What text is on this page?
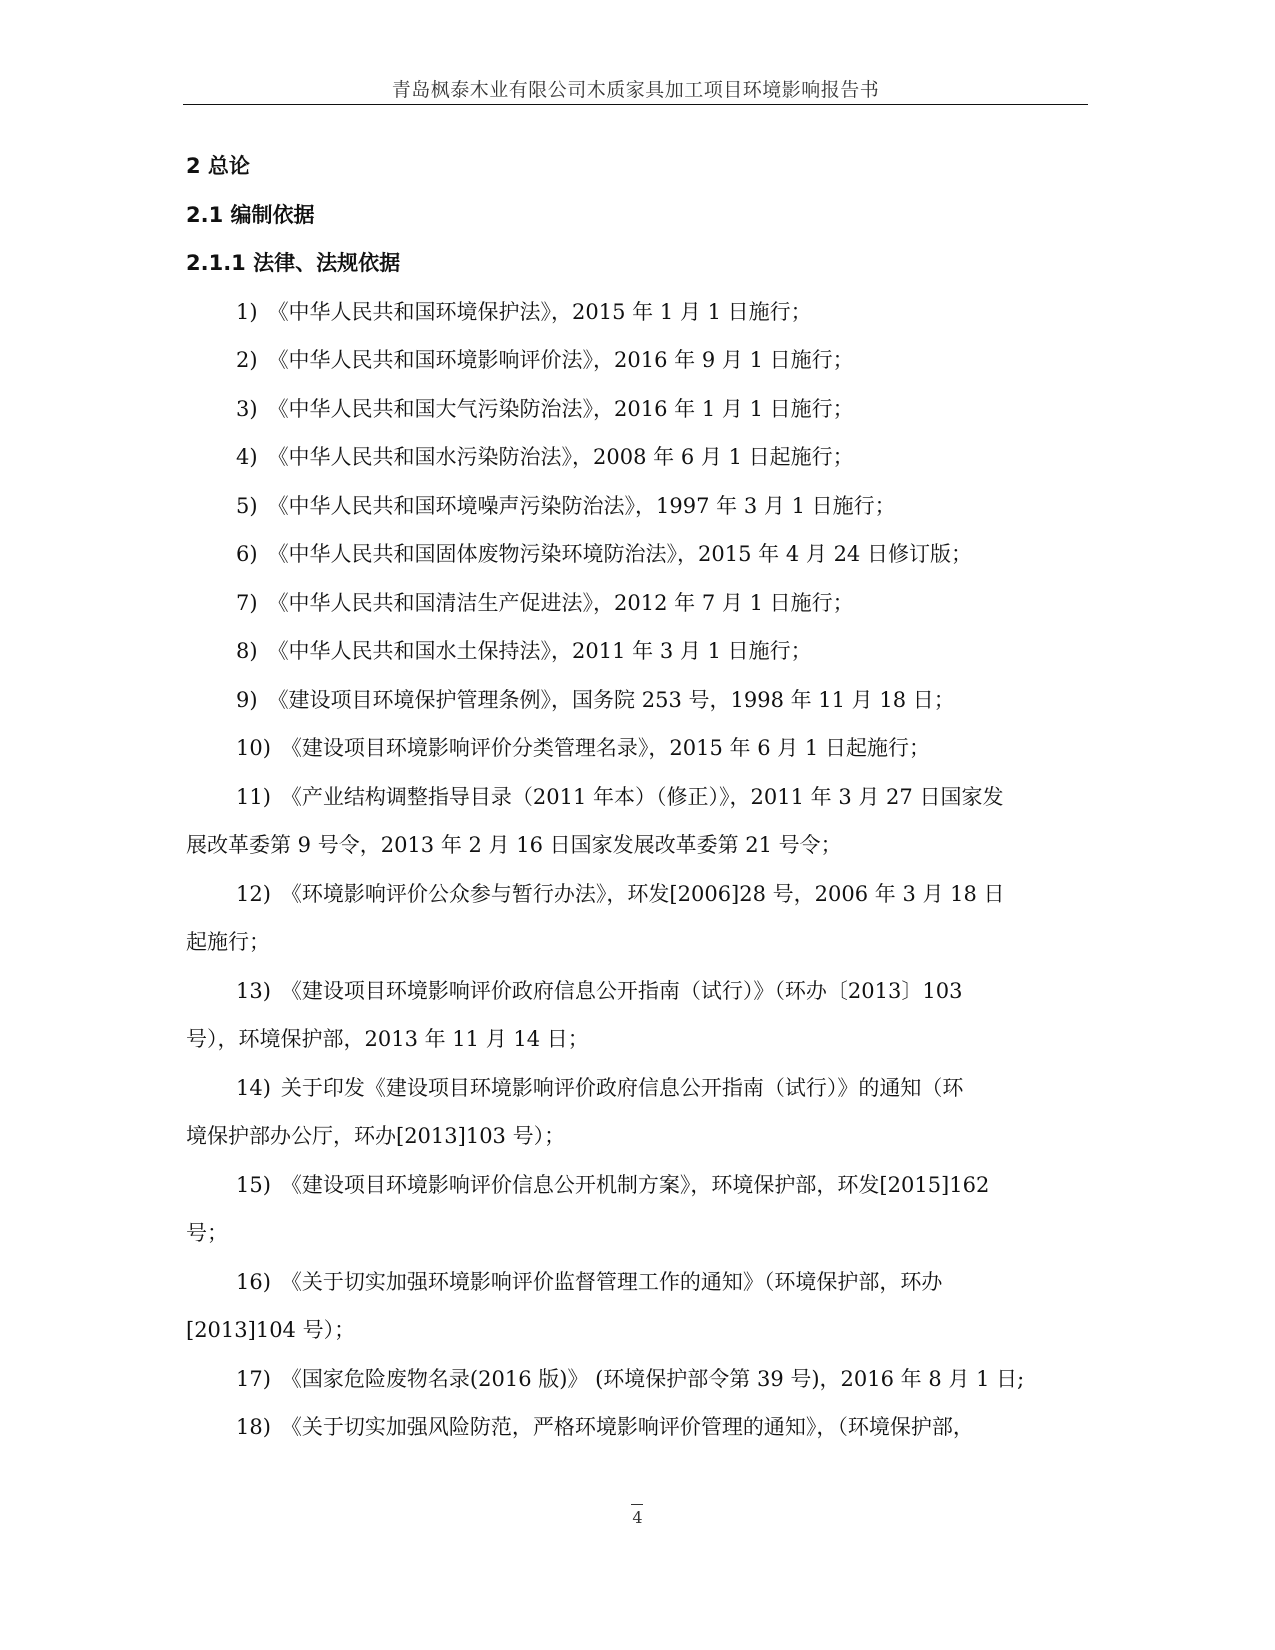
青岛枫泰木业有限公司木质家具加工项目环境影响报告书
2 总论
2.1 编制依据
2.1.1 法律、法规依据
1) 《中华人民共和国环境保护法》，2015 年 1 月 1 日施行；
2) 《中华人民共和国环境影响评价法》，2016 年 9 月 1 日施行；
3) 《中华人民共和国大气污染防治法》，2016 年 1 月 1 日施行；
4) 《中华人民共和国水污染防治法》，2008 年 6 月 1 日起施行；
5) 《中华人民共和国环境噪声污染防治法》，1997 年 3 月 1 日施行；
6) 《中华人民共和国固体废物污染环境防治法》，2015 年 4 月 24 日修订版；
7) 《中华人民共和国清洁生产促进法》，2012 年 7 月 1 日施行；
8) 《中华人民共和国水土保持法》，2011 年 3 月 1 日施行；
9) 《建设项目环境保护管理条例》，国务院 253 号，1998 年 11 月 18 日；
10) 《建设项目环境影响评价分类管理名录》，2015 年 6 月 1 日起施行；
11) 《产业结构调整指导目录（2011 年本）（修正）》，2011 年 3 月 27 日国家发
展改革委第 9 号令，2013 年 2 月 16 日国家发展改革委第 21 号令；
12) 《环境影响评价公众参与暂行办法》，环发[2006]28 号，2006 年 3 月 18 日
起施行；
13) 《建设项目环境影响评价政府信息公开指南（试行）》（环办〔2013〕103
号），环境保护部，2013 年 11 月 14 日；
14) 关于印发《建设项目环境影响评价政府信息公开指南（试行）》的通知（环
境保护部办公厅，环办[2013]103 号）；
15) 《建设项目环境影响评价信息公开机制方案》，环境保护部，环发[2015]162
号；
16) 《关于切实加强环境影响评价监督管理工作的通知》（环境保护部，环办
[2013]104 号）；
17) 《国家危险废物名录(2016 版)》 (环境保护部令第 39 号)，2016 年 8 月 1 日;
18) 《关于切实加强风险防范，严格环境影响评价管理的通知》，（环境保护部，
4
